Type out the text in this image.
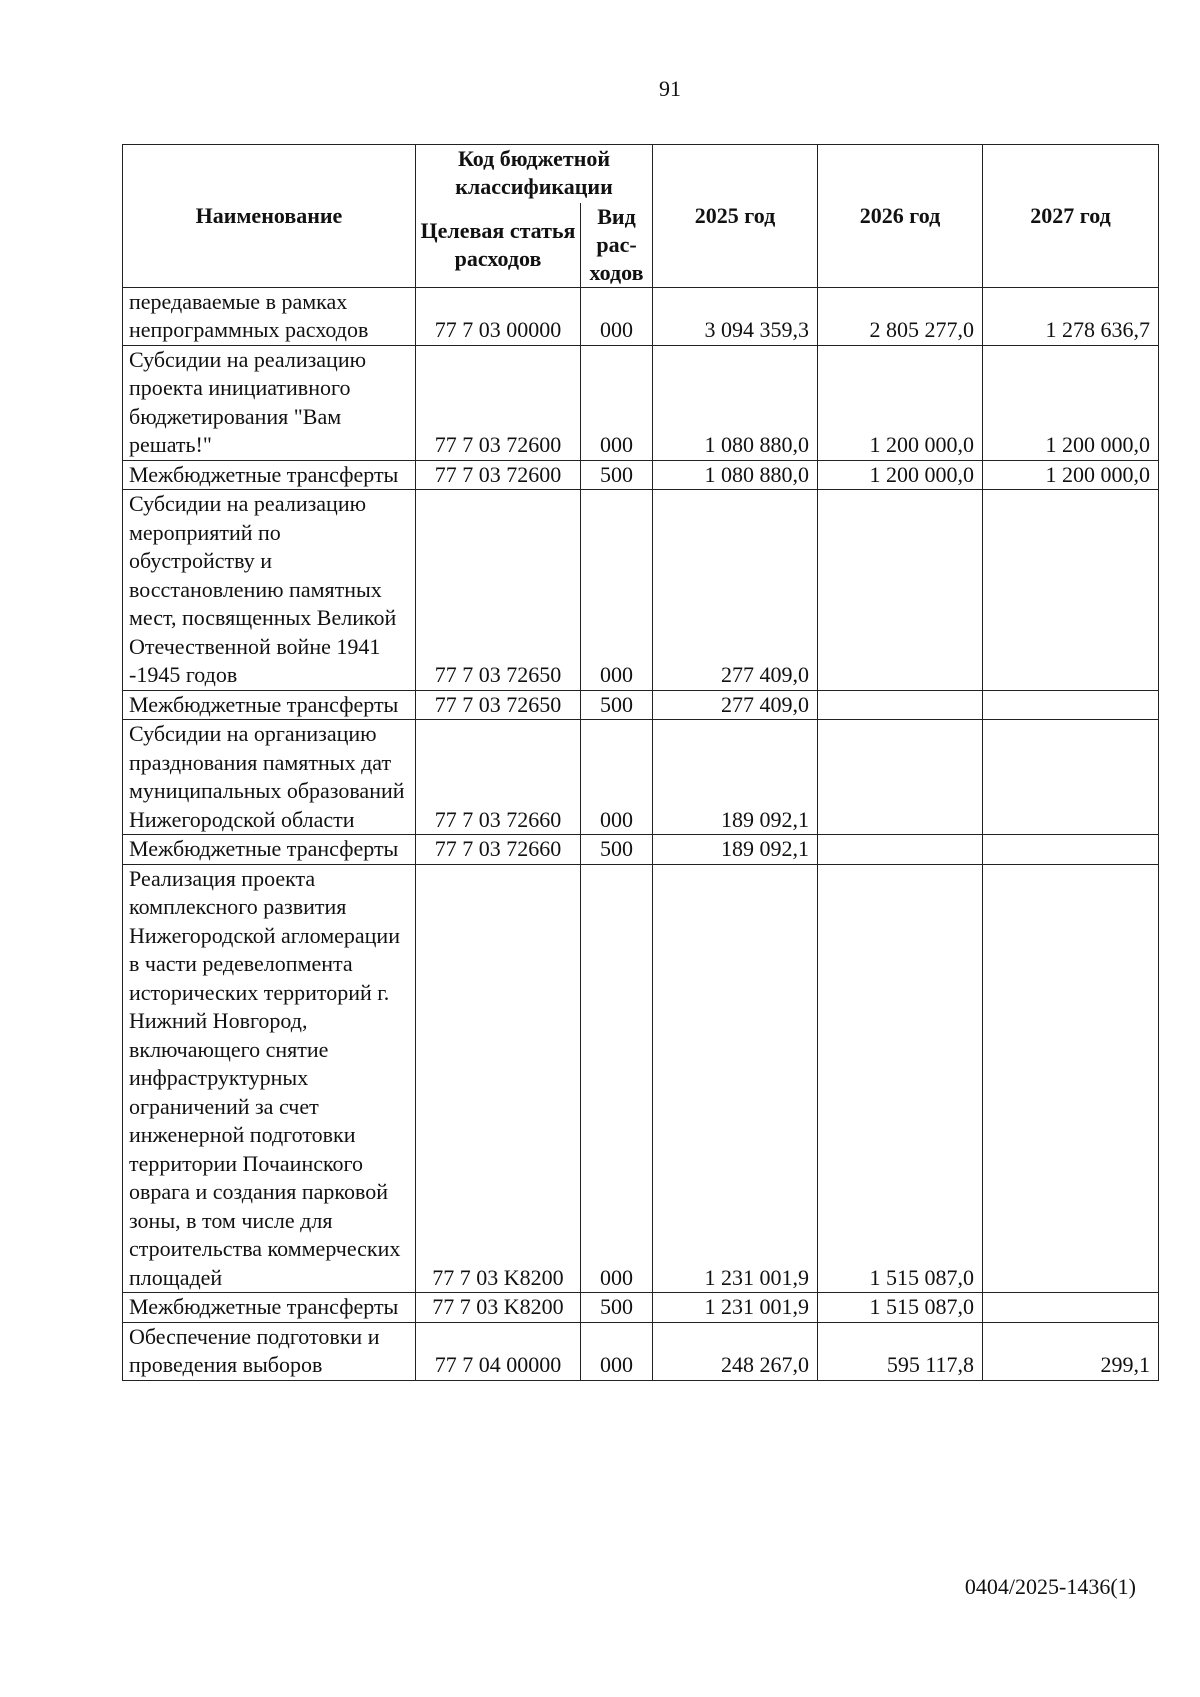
91
Наименование	Код бюджетной классификации		2025 год	2026 год	2027 год
	Целевая статья расходов	Вид рас-ходов			
передаваемые в рамках непрограммных расходов	77 7 03 00000	000	3 094 359,3	2 805 277,0	1 278 636,7
Субсидии на реализацию проекта инициативного бюджетирования "Вам решать!"	77 7 03 72600	000	1 080 880,0	1 200 000,0	1 200 000,0
Межбюджетные трансферты	77 7 03 72600	500	1 080 880,0	1 200 000,0	1 200 000,0
Субсидии на реализацию мероприятий по обустройству и восстановлению памятных мест, посвященных Великой Отечественной войне 1941 -1945 годов	77 7 03 72650	000	277 409,0		
Межбюджетные трансферты	77 7 03 72650	500	277 409,0		
Субсидии на организацию празднования памятных дат муниципальных образований Нижегородской области	77 7 03 72660	000	189 092,1		
Межбюджетные трансферты	77 7 03 72660	500	189 092,1		
Реализация проекта комплексного развития Нижегородской агломерации в части редевелопмента исторических территорий г. Нижний Новгород, включающего снятие инфраструктурных ограничений за счет инженерной подготовки территории Почаинского оврага и создания парковой зоны, в том числе для строительства коммерческих площадей	77 7 03 K8200	000	1 231 001,9	1 515 087,0	
Межбюджетные трансферты	77 7 03 K8200	500	1 231 001,9	1 515 087,0	
Обеспечение подготовки и проведения выборов	77 7 04 00000	000	248 267,0	595 117,8	299,1
0404/2025-1436(1)
